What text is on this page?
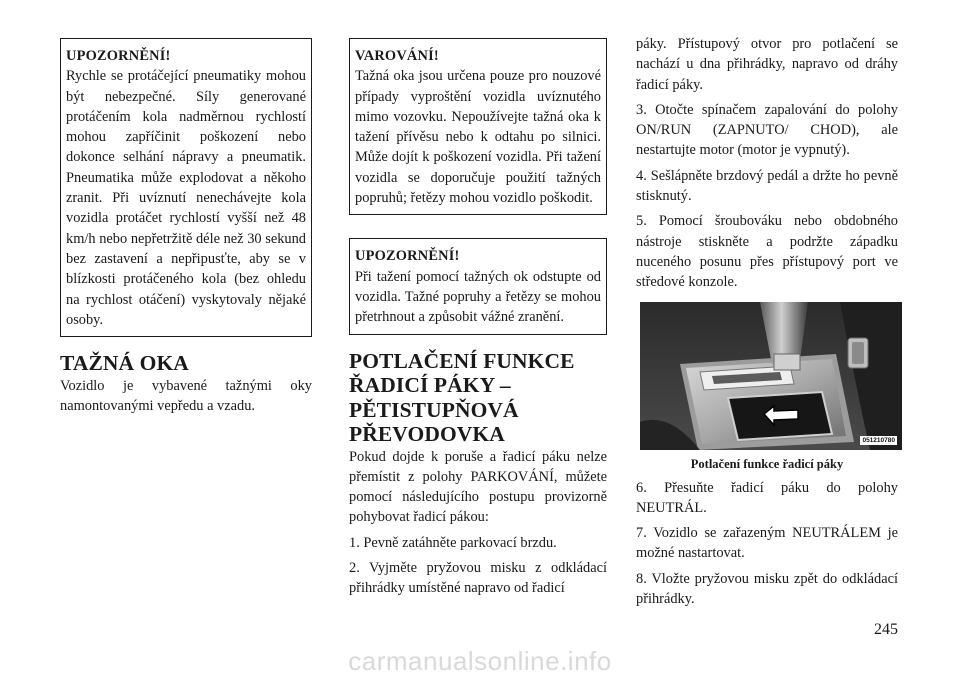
UPOZORNĚNÍ!
Rychle se protáčející pneumatiky mohou být nebezpečné. Síly generované protáčením kola nadměrnou rychlostí mohou zapříčinit poškození nebo dokonce selhání nápravy a pneumatik. Pneumatika může explodovat a někoho zranit. Při uvíznutí nenechávejte kola vozidla protáčet rychlostí vyšší než 48 km/h nebo nepřetržitě déle než 30 sekund bez zastavení a nepřipusťte, aby se v blízkosti protáčeného kola (bez ohledu na rychlost otáčení) vyskytovaly nějaké osoby.
TAŽNÁ OKA

Vozidlo je vybavené tažnými oky namontovanými vepředu a vzadu.

VAROVÁNÍ!
Tažná oka jsou určena pouze pro nouzové případy vyproštění vozidla uvíznutého mimo vozovku. Nepoužívejte tažná oka k tažení přívěsu nebo k odtahu po silnici. Může dojít k poškození vozidla. Při tažení vozidla se doporučuje použití tažných popruhů; řetězy mohou vozidlo poškodit.
UPOZORNĚNÍ!
Při tažení pomocí tažných ok odstupte od vozidla. Tažné popruhy a řetězy se mohou přetrhnout a způsobit vážné zranění.
POTLAČENÍ FUNKCE ŘADICÍ PÁKY – PĚTISTUPŇOVÁ PŘEVODOVKA

Pokud dojde k poruše a řadicí páku nelze přemístit z polohy PARKOVÁNÍ, můžete pomocí následujícího postupu provizorně pohybovat řadicí pákou:

1. Pevně zatáhněte parkovací brzdu.

2. Vyjměte pryžovou misku z odkládací přihrádky umístěné napravo od řadicí

páky. Přístupový otvor pro potlačení se nachází u dna přihrádky, napravo od dráhy řadicí páky.

3. Otočte spínačem zapalování do polohy ON/RUN (ZAPNUTO/ CHOD), ale nestartujte motor (motor je vypnutý).

4. Sešlápněte brzdový pedál a držte ho pevně stisknutý.

5. Pomocí šroubováku nebo obdobného nástroje stiskněte a podržte západku nuceného posunu přes přístupový port ve středové konzole.

051210780
Potlačení funkce řadicí páky

6. Přesuňte řadicí páku do polohy NEUTRÁL.

7. Vozidlo se zařazeným NEUTRÁLEM je možné nastartovat.

8. Vložte pryžovou misku zpět do odkládací přihrádky.

245
carmanualsonline.info
